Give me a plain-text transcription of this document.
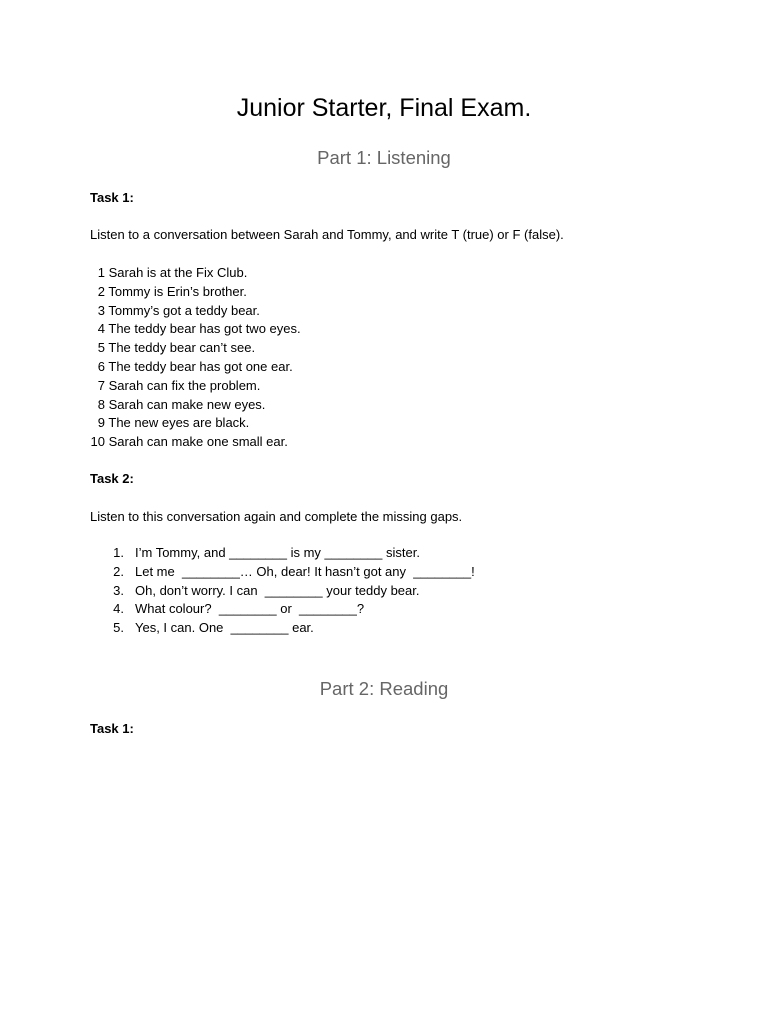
Junior Starter, Final Exam.
Part 1: Listening
Task 1:
Listen to a conversation between Sarah and Tommy, and write T (true) or F (false).
1 Sarah is at the Fix Club.
2 Tommy is Erin’s brother.
3 Tommy’s got a teddy bear.
4 The teddy bear has got two eyes.
5 The teddy bear can’t see.
6 The teddy bear has got one ear.
7 Sarah can fix the problem.
8 Sarah can make new eyes.
9 The new eyes are black.
10 Sarah can make one small ear.
Task 2:
Listen to this conversation again and complete the missing gaps.
1. I’m Tommy, and ________ is my ________ sister.
2. Let me  ________… Oh, dear! It hasn’t got any  ________!
3. Oh, don’t worry. I can  ________ your teddy bear.
4. What colour?  ________ or  ________?
5. Yes, I can. One  ________ ear.
Part 2: Reading
Task 1:
